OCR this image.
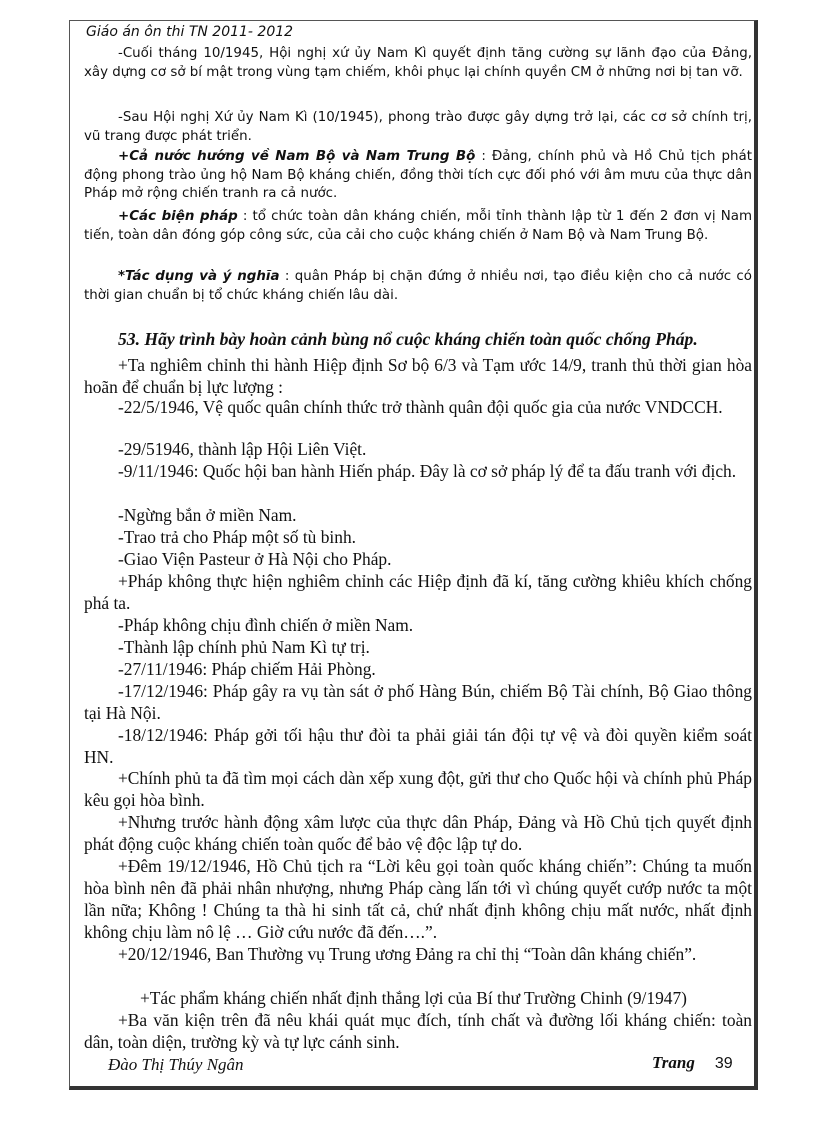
Giáo án ôn thi TN 2011- 2012
-Cuối tháng 10/1945, Hội nghị xứ ủy Nam Kì quyết định tăng cường sự lãnh đạo của Đảng, xây dựng cơ sở bí mật trong vùng tạm chiếm, khôi phục lại chính quyền CM ở những nơi bị tan vỡ.
-Sau Hội nghị Xứ ủy Nam Kì (10/1945), phong trào được gây dựng trở lại, các cơ sở chính trị, vũ trang được phát triển.
+Cả nước hướng về Nam Bộ và Nam Trung Bộ : Đảng, chính phủ và Hồ Chủ tịch phát động phong trào ủng hộ Nam Bộ kháng chiến, đồng thời tích cực đối phó với âm mưu của thực dân Pháp mở rộng chiến tranh ra cả nước.
+Các biện pháp : tổ chức toàn dân kháng chiến, mỗi tỉnh thành lập từ 1 đến 2 đơn vị Nam tiến, toàn dân đóng góp công sức, của cải cho cuộc kháng chiến ở Nam Bộ và Nam Trung Bộ.
*Tác dụng và ý nghĩa : quân Pháp bị chặn đứng ở nhiều nơi, tạo điều kiện cho cả nước có thời gian chuẩn bị tổ chức kháng chiến lâu dài.
53. Hãy trình bày hoàn cảnh bùng nổ cuộc kháng chiến toàn quốc chống Pháp.
+Ta nghiêm chỉnh thi hành Hiệp định Sơ bộ 6/3 và Tạm ước 14/9, tranh thủ thời gian hòa hoãn để chuẩn bị lực lượng :
-22/5/1946, Vệ quốc quân chính thức trở thành quân đội quốc gia của nước VNDCCH.
-29/51946, thành lập Hội Liên Việt.
-9/11/1946: Quốc hội ban hành Hiến pháp. Đây là cơ sở pháp lý để ta đấu tranh với địch.
-Ngừng bắn ở miền Nam.
-Trao trả cho Pháp một số tù binh.
-Giao Viện Pasteur ở Hà Nội cho Pháp.
+Pháp không thực hiện nghiêm chỉnh các Hiệp định đã kí, tăng cường khiêu khích chống phá ta.
-Pháp không chịu đình chiến ở miền Nam.
-Thành lập chính phủ Nam Kì tự trị.
-27/11/1946: Pháp chiếm Hải Phòng.
-17/12/1946: Pháp gây ra vụ tàn sát ở phố Hàng Bún, chiếm Bộ Tài chính, Bộ Giao thông tại Hà Nội.
-18/12/1946: Pháp gởi tối hậu thư đòi ta phải giải tán đội tự vệ và đòi quyền kiểm soát HN.
+Chính phủ ta đã tìm mọi cách dàn xếp xung đột, gửi thư cho Quốc hội và chính phủ Pháp kêu gọi hòa bình.
+Nhưng trước hành động xâm lược của thực dân Pháp, Đảng và Hồ Chủ tịch quyết định phát động cuộc kháng chiến toàn quốc để bảo vệ độc lập tự do.
+Đêm 19/12/1946, Hồ Chủ tịch ra “Lời kêu gọi toàn quốc kháng chiến”: Chúng ta muốn hòa bình nên đã phải nhân nhượng, nhưng Pháp càng lấn tới vì chúng quyết cướp nước ta một lần nữa; Không ! Chúng ta thà hi sinh tất cả, chứ nhất định không chịu mất nước, nhất định không chịu làm nô lệ … Giờ cứu nước đã đến….”.
+20/12/1946, Ban Thường vụ Trung ương Đảng ra chỉ thị “Toàn dân kháng chiến”.
+Tác phẩm kháng chiến nhất định thắng lợi của Bí thư Trường Chinh (9/1947)
+Ba văn kiện trên đã nêu khái quát mục đích, tính chất và đường lối kháng chiến: toàn dân, toàn diện, trường kỳ và tự lực cánh sinh.
Đào Thị Thúy Ngân	Trang 39
